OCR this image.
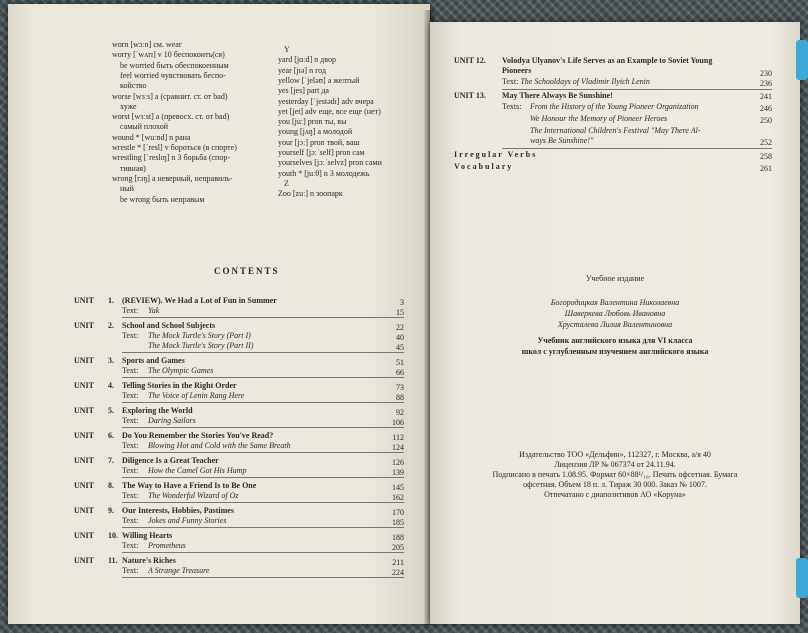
worn [wɔːn] см. wear
worry [ˈwʌrɪ] v 10 беспокоить(ся)
be worried быть обеспокоенным
feel worried чувствовать беспо-
койство
worse [wɜːs] a (сравнит. ст. от bad)
хуже
worst [wɜːst] a (превосх. ст. от bad)
самый плохой
wound * [wuːnd] n рана
wrestle * [ˈresl] v бороться (в спорте)
wrestling [ˈreslɪŋ] n 3 борьба (спор-
тивная)
wrong [rɔŋ] a неверный, неправиль-
ный
be wrong быть неправым
Y
yard [jɑːd] n двор
year [jɪə] n год
yellow [ˈjeləʊ] a желтый
yes [jes] part да
yesterday [ˈjestədɪ] adv вчера
yet [jet] adv еще, все еще (нет)
you [juː] pron ты, вы
young [jʌŋ] a молодой
your [jɔː] pron твой, ваш
yourself [jɔːˈself] pron сам
yourselves [jɔːˈselvz] pron сами
youth * [juːθ] n 3 молодежь
Z
Zoo [zuː] n зоопарк
CONTENTS
UNIT 1. (REVIEW). We Had a Lot of Fun in Summer	3
Text: Yak	15
UNIT 2. School and School Subjects	22
Text: The Mock Turtle's Story (Part I)	40
The Mock Turtle's Story (Part II)	45
UNIT 3. Sports and Games	51
Text: The Olympic Games	66
UNIT 4. Telling Stories in the Right Order	73
Text: The Voice of Lenin Rang Here	88
UNIT 5. Exploring the World	92
Text: Daring Sailors	106
UNIT 6. Do You Remember the Stories You've Read?	112
Text: Blowing Hot and Cold with the Same Breath	124
UNIT 7. Diligence Is a Great Teacher	126
Text: How the Camel Got His Hump	139
UNIT 8. The Way to Have a Friend Is to Be One	145
Text: The Wonderful Wizard of Oz	162
UNIT 9. Our Interests, Hobbies, Pastimes	170
Text: Jokes and Funny Stories	185
UNIT 10. Willing Hearts	188
Text: Prometheus	205
UNIT 11. Nature's Riches	211
Text: A Strange Treasure	224
UNIT 12. Volodya Ulyanov's Life Serves as an Example to Soviet Young
Pioneers	230
Text: The Schooldays of Vladimir Ilyich Lenin	236
UNIT 13. May There Always Be Sunshine!	241
Texts: From the History of the Young Pioneer Organization	246
We Honour the Memory of Pioneer Heroes	250
The International Children's Festival "May There Al-
ways Be Sunshine!"	252
Irregular Verbs	258
Vocabulary	261
Учебное издание
Богородицкая Валентина Николаевна
Шаверкева Любовь Ивановна
Хрусталева Лилия Валентиновна
Учебник английского языка для VI класса
школ с углубленным изучением английского языка
Издательство ТОО «Дельфин», 112327, г. Москва, а/я 40
Лицензия ЛР № 067374 от 24.11.94.
Подписано в печать 1.08.95. Формат 60×88¹/₁₆. Печать офсетная. Бумага
офсетная. Объем 18 п. л. Тираж 30 000. Заказ № 1007.
Отпечатано с диапозитивов АО «Коруна»
